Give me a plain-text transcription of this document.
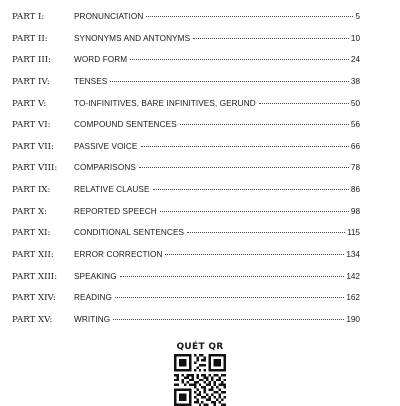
PART I:	PRONUNCIATION	5
PART II:	SYNONYMS AND ANTONYMS	10
PART III:	WORD FORM	24
PART IV:	TENSES	38
PART V:	TO-INFINITIVES, BARE INFINITIVES, GERUND	50
PART VI:	COMPOUND SENTENCES	56
PART VII:	PASSIVE VOICE	66
PART VIII:	COMPARISONS	78
PART IX:	RELATIVE CLAUSE	86
PART X:	REPORTED SPEECH	98
PART XI:	CONDITIONAL SENTENCES	115
PART XII:	ERROR CORRECTION	134
PART XIII:	SPEAKING	142
PART XIV:	READING	162
PART XV:	WRITING	190
QUÉT QR
